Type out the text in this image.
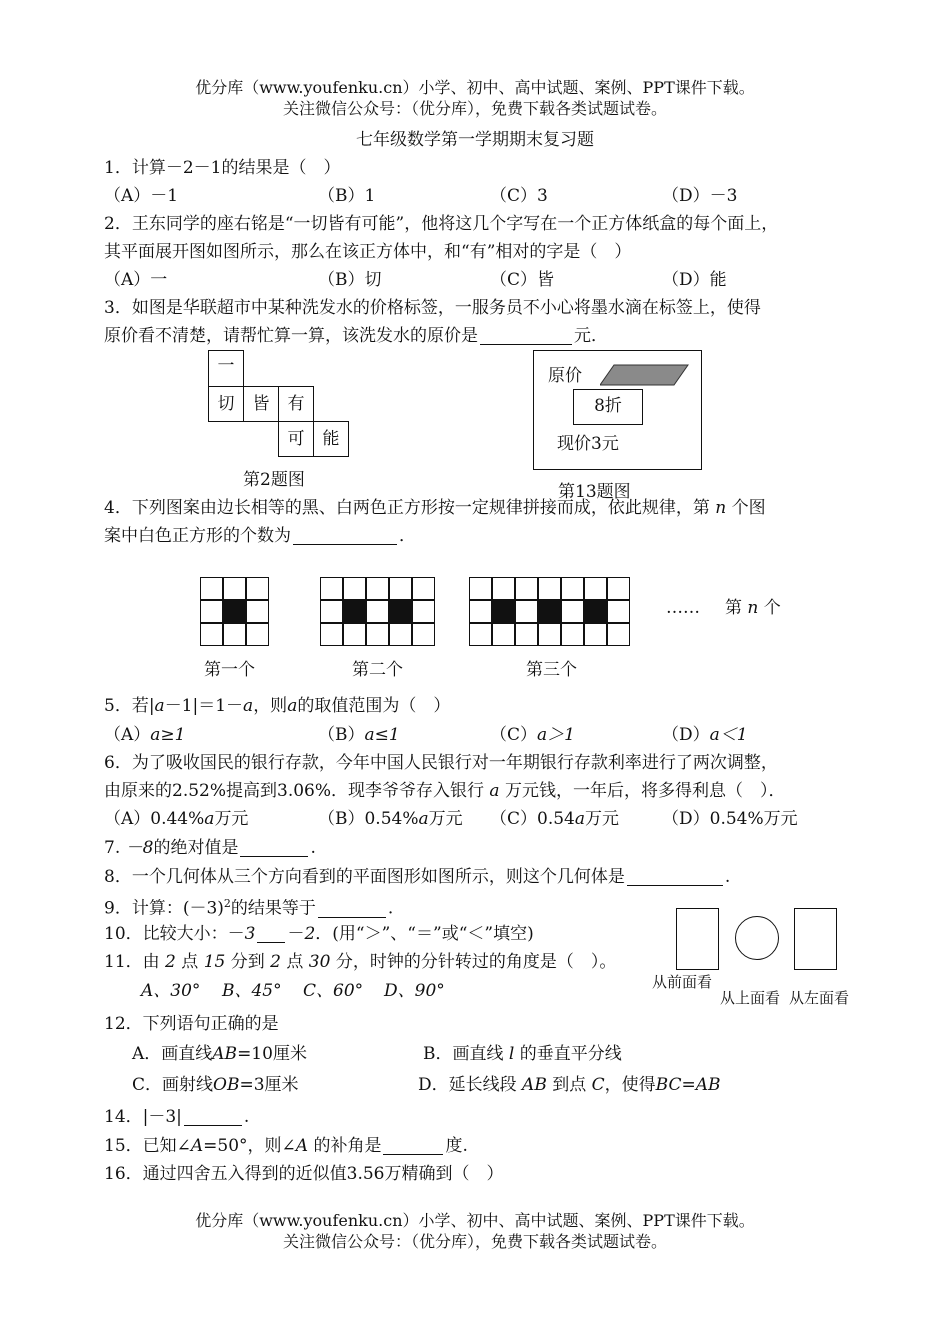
优分库（www.youfenku.cn）小学、初中、高中试题、案例、PPT课件下载。
关注微信公众号：（优分库），免费下载各类试题试卷。
七年级数学第一学期期末复习题
1．计算－2－1的结果是（　）
（A）－1	（B）1	（C）3	（D）－3
2．王东同学的座右铭是“一切皆有可能”，他将这几个字写在一个正方体纸盒的每个面上，
其平面展开图如图所示，那么在该正方体中，和“有”相对的字是（　）
（A）一	（B）切	（C）皆	（D）能
3．如图是华联超市中某种洗发水的价格标签，一服务员不小心将墨水滴在标签上，使得
原价看不清楚，请帮忙算一算，该洗发水的原价是	元．
一
切	皆	有
可	能
第2题图
原价
8折
现价3元
第13题图
4．下列图案由边长相等的黑、白两色正方形按一定规律拼接而成，依此规律，第 n 个图
案中白色正方形的个数为	．
…… 第 n 个
第一个	第二个	第三个
5．若|a－1|＝1－a，则a的取值范围为（　）
（A）a≥1	（B）a≤1	（C）a＞1	（D）a＜1
6．为了吸收国民的银行存款，今年中国人民银行对一年期银行存款利率进行了两次调整，
由原来的2.52%提高到3.06%．现李爷爷存入银行 a 万元钱，一年后，将多得利息（　）．
（A）0.44%a万元	（B）0.54%a万元 （C）0.54a万元	（D）0.54%万元
7. －8的绝对值是	.
8．一个几何体从三个方向看到的平面图形如图所示，则这个几何体是	.
9．计算：$(-3)^2$的结果等于	.
10．比较大小：－3 －2．(用“＞”、“＝”或“＜”填空)
11．由 2 点 15 分到 2 点 30 分，时钟的分针转过的角度是（　）。
A、30° B、45° C、60° D、90°	从前面看
从上面看 从左面看
12．下列语句正确的是
A．画直线AB=10厘米	B．画直线 l 的垂直平分线
C．画射线OB=3厘米	D．延长线段 AB 到点 C，使得BC=AB
14．|－3|	.
15．已知∠A=50°，则∠A 的补角是	度.
16．通过四舍五入得到的近似值3.56万精确到（　）
优分库（www.youfenku.cn）小学、初中、高中试题、案例、PPT课件下载。
关注微信公众号：（优分库），免费下载各类试题试卷。
